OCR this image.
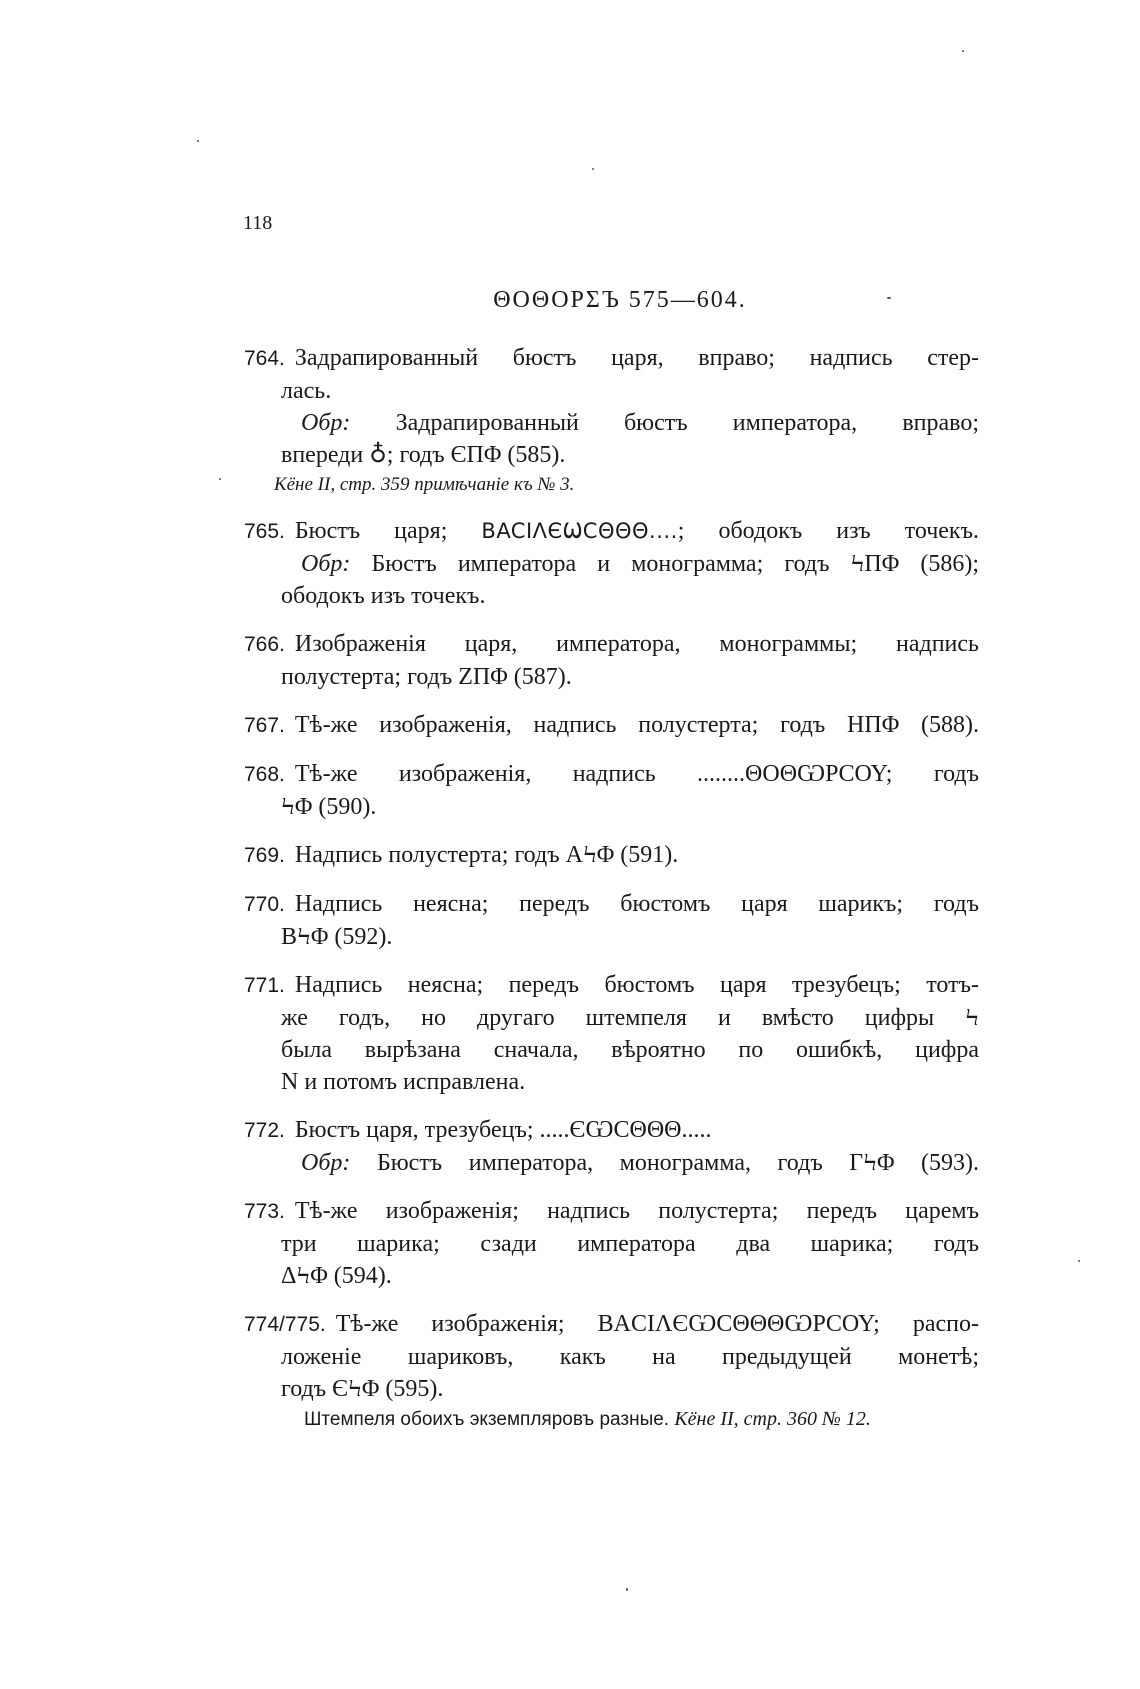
118
ΘΟΘΟΡΣЪ 575—604.
764. Задрапированный бюстъ царя, вправо; надпись стер-
лась.
Обр: Задрапированный бюстъ императора, вправо;
впереди ♁; годъ ЄΠΦ (585).
Кёне II, стр. 359 примѣчаніе къ № 3.
765. Бюстъ царя; BACIΛЄѠCΘΘΘ....; ободокъ изъ точекъ.
Обр: Бюстъ императора и монограмма; годъ ϞΠΦ (586);
ободокъ изъ точекъ.
766. Изображенія царя, императора, монограммы; надпись
полустерта; годъ ZΠΦ (587).
767. Тѣ-же изображенія, надпись полустерта; годъ HΠΦ (588).
768. Тѣ-же изображенія, надпись ........ΘΟΘѠΡϹΟΥ; годъ
ϞΦ (590).
769. Надпись полустерта; годъ AϞΦ (591).
770. Надпись неясна; передъ бюстомъ царя шарикъ; годъ
BϞΦ (592).
771. Надпись неясна; передъ бюстомъ царя трезубецъ; тотъ-
же годъ, но другаго штемпеля и вмѣсто цифры Ϟ
была вырѣзана сначала, вѣроятно по ошибкѣ, цифра
N и потомъ исправлена.
772. Бюстъ царя, трезубецъ; .....ЄѠCΘΘΘ.....
Обр: Бюстъ императора, монограмма, годъ ΓϞΦ (593).
773. Тѣ-же изображенія; надпись полустерта; передъ царемъ
три шарика; сзади императора два шарика; годъ
ΔϞΦ (594).
774/775. Тѣ-же изображенія; BACIΛЄѠCΘΘΘѠΡϹΟΥ; распо-
ложеніе шариковъ, какъ на предыдущей монетѣ;
годъ ЄϞΦ (595).
Штемпеля обоихъ экземпляровъ разные. Кёне II, стр. 360 № 12.
